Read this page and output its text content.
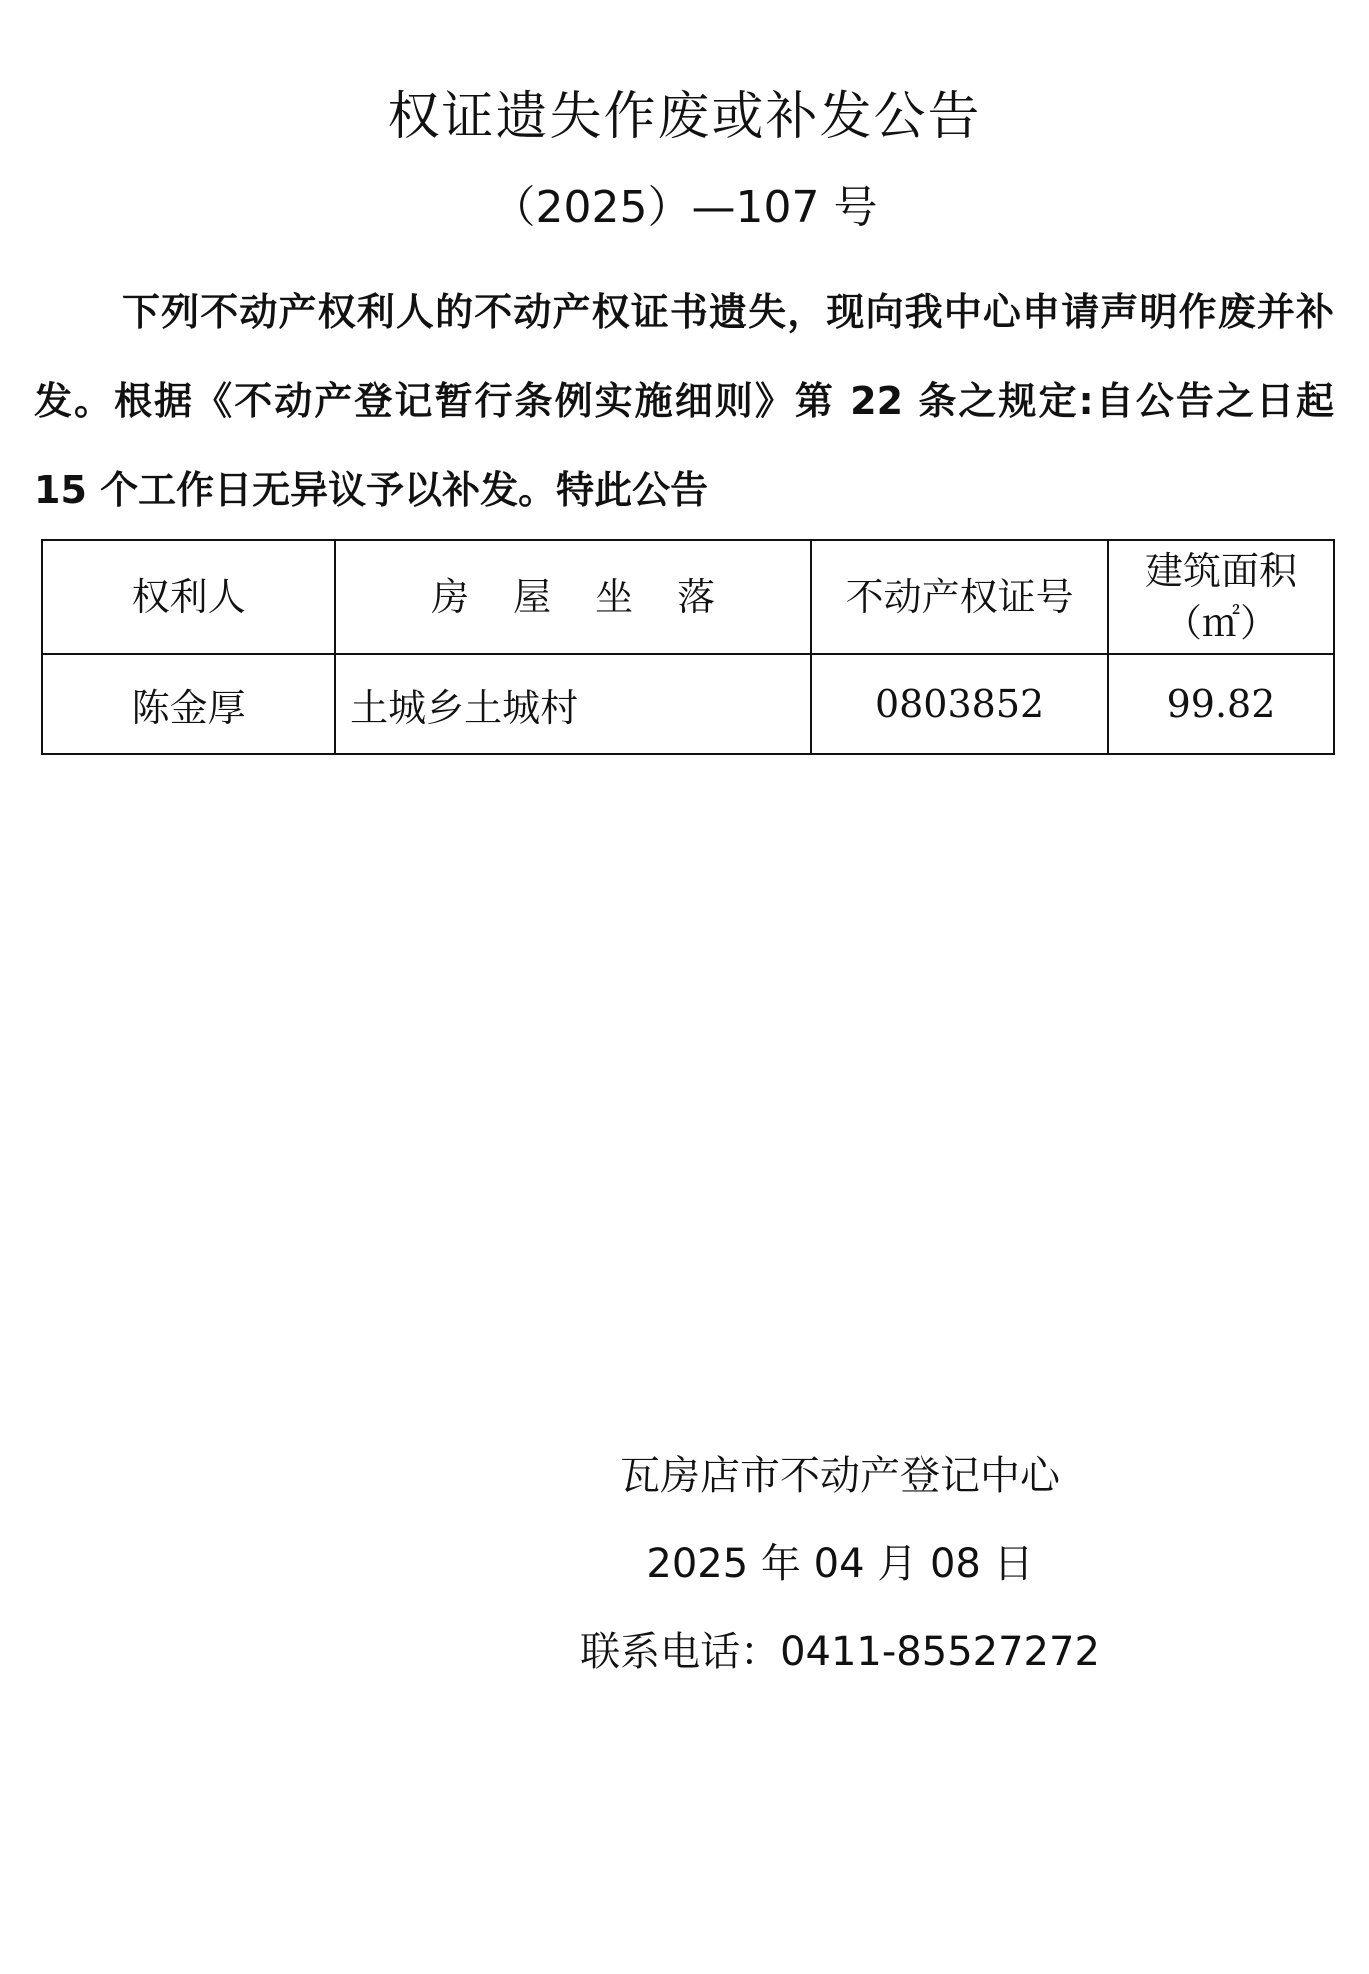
权证遗失作废或补发公告
（2025）—107 号

下列不动产权利人的不动产权证书遗失，现向我中心申请声明作废并补发。根据《不动产登记暂行条例实施细则》第 22 条之规定:自公告之日起 15 个工作日无异议予以补发。特此公告

权利人	房屋坐落	不动产权证号	建筑面积
（㎡）

陈金厚	土城乡土城村	0803852	99.82
瓦房店市不动产登记中心
2025 年 04 月 08 日
联系电话：0411-85527272
